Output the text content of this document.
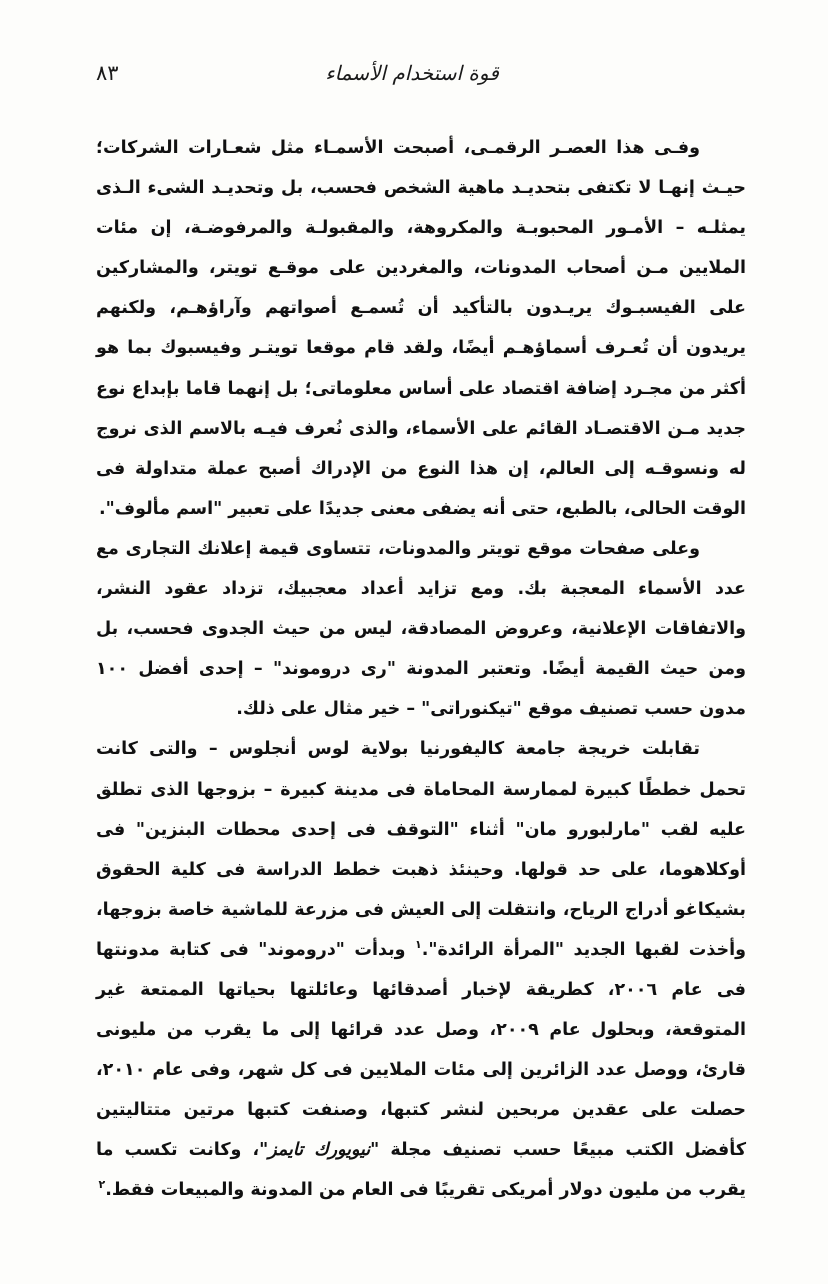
قوة استخدام الأسماء
٨٣

وفـى هذا العصـر الرقمـى، أصبحت الأسمـاء مثل شعـارات الشركات؛ حيـث إنهـا لا تكتفى بتحديـد ماهية الشخص فحسب، بل وتحديـد الشىء الـذى يمثلـه – الأمـور المحبوبـة والمكروهة، والمقبولـة والمرفوضـة، إن مئات الملايين مـن أصحاب المدونات، والمغردين على موقـع تويتر، والمشاركين على الفيسبـوك يريـدون بالتأكيد أن تُسمـع أصواتهم وآراؤهـم، ولكنهم يريدون أن تُعـرف أسماؤهـم أيضًا، ولقد قام موقعا تويتـر وفيسبوك بما هو أكثر من مجـرد إضافة اقتصاد على أساس معلوماتى؛ بل إنهما قاما بإبداع نوع جديد مـن الاقتصـاد القائم على الأسماء، والذى نُعرف فيـه بالاسم الذى نروج له ونسوقـه إلى العالم، إن هذا النوع من الإدراك أصبح عملة متداولة فى الوقت الحالى، بالطبع، حتى أنه يضفى معنى جديدًا على تعبير "اسم مألوف".

وعلى صفحات موقع تويتر والمدونات، تتساوى قيمة إعلانك التجارى مع عدد الأسماء المعجبة بك. ومع تزايد أعداد معجبيك، تزداد عقود النشر، والاتفاقات الإعلانية، وعروض المصادقة، ليس من حيث الجدوى فحسب، بل ومن حيث القيمة أيضًا. وتعتبر المدونة "رى دروموند" – إحدى أفضل ١٠٠ مدون حسب تصنيف موقع "تيكنوراتى" – خير مثال على ذلك.

تقابلت خريجة جامعة كاليفورنيا بولاية لوس أنجلوس – والتى كانت تحمل خططًا كبيرة لممارسة المحاماة فى مدينة كبيرة – بزوجها الذى تطلق عليه لقب "مارلبورو مان" أثناء "التوقف فى إحدى محطات البنزين" فى أوكلاهوما، على حد قولها. وحينئذ ذهبت خطط الدراسة فى كلية الحقوق بشيكاغو أدراج الرياح، وانتقلت إلى العيش فى مزرعة للماشية خاصة بزوجها، وأخذت لقبها الجديد "المرأة الرائدة".$^١$ وبدأت "دروموند" فى كتابة مدونتها فى عام ٢٠٠٦، كطريقة لإخبار أصدقائها وعائلتها بحياتها الممتعة غير المتوقعة، وبحلول عام ٢٠٠٩، وصل عدد قرائها إلى ما يقرب من مليونى قارئ، ووصل عدد الزائرين إلى مئات الملايين فى كل شهر، وفى عام ٢٠١٠، حصلت على عقدين مربحين لنشر كتبها، وصنفت كتبها مرتين متتاليتين كأفضل الكتب مبيعًا حسب تصنيف مجلة "نيويورك تايمز"، وكانت تكسب ما يقرب من مليون دولار أمريكى تقريبًا فى العام من المدونة والمبيعات فقط.$^٢$
